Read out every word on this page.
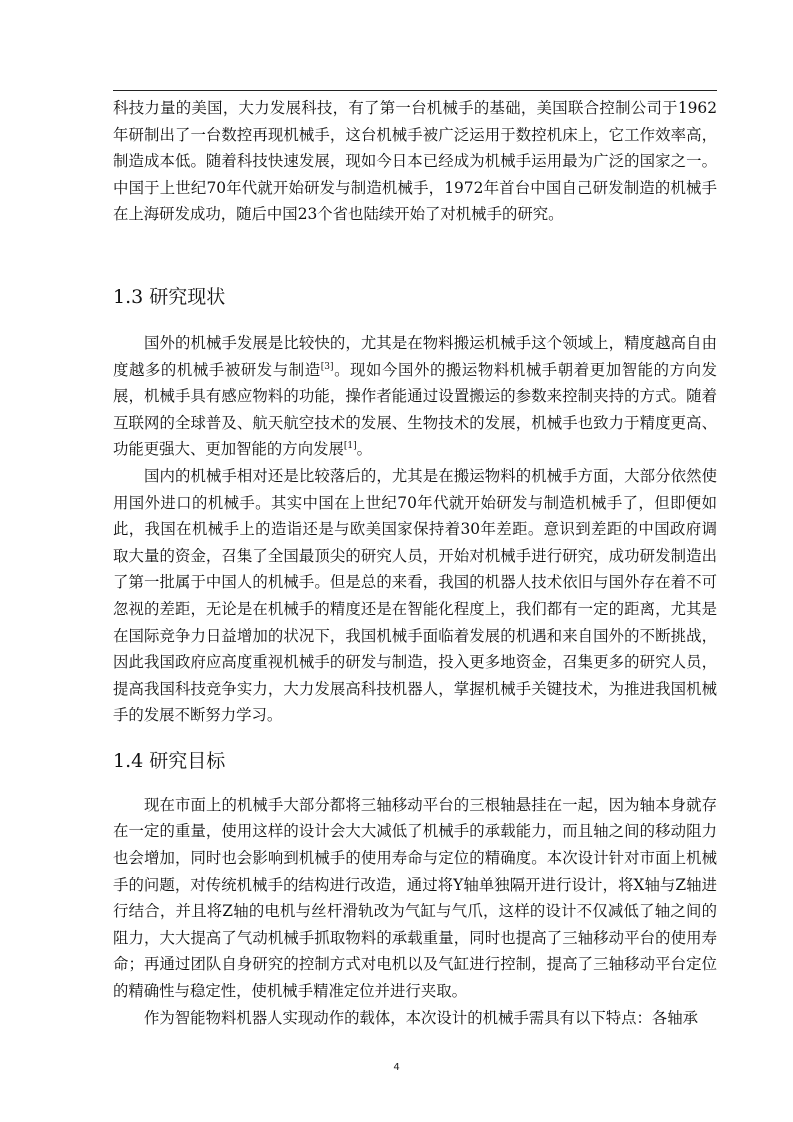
科技力量的美国，大力发展科技，有了第一台机械手的基础，美国联合控制公司于1962年研制出了一台数控再现机械手，这台机械手被广泛运用于数控机床上，它工作效率高，制造成本低。随着科技快速发展，现如今日本已经成为机械手运用最为广泛的国家之一。中国于上世纪70年代就开始研发与制造机械手，1972年首台中国自己研发制造的机械手在上海研发成功，随后中国23个省也陆续开始了对机械手的研究。

1.3 研究现状

国外的机械手发展是比较快的，尤其是在物料搬运机械手这个领域上，精度越高自由度越多的机械手被研发与制造[3]。现如今国外的搬运物料机械手朝着更加智能的方向发展，机械手具有感应物料的功能，操作者能通过设置搬运的参数来控制夹持的方式。随着互联网的全球普及、航天航空技术的发展、生物技术的发展，机械手也致力于精度更高、功能更强大、更加智能的方向发展[1]。

国内的机械手相对还是比较落后的，尤其是在搬运物料的机械手方面，大部分依然使用国外进口的机械手。其实中国在上世纪70年代就开始研发与制造机械手了，但即便如此，我国在机械手上的造诣还是与欧美国家保持着30年差距。意识到差距的中国政府调取大量的资金，召集了全国最顶尖的研究人员，开始对机械手进行研究，成功研发制造出了第一批属于中国人的机械手。但是总的来看，我国的机器人技术依旧与国外存在着不可忽视的差距，无论是在机械手的精度还是在智能化程度上，我们都有一定的距离，尤其是在国际竞争力日益增加的状况下，我国机械手面临着发展的机遇和来自国外的不断挑战，因此我国政府应高度重视机械手的研发与制造，投入更多地资金，召集更多的研究人员，提高我国科技竞争实力，大力发展高科技机器人，掌握机械手关键技术，为推进我国机械手的发展不断努力学习。

1.4 研究目标

现在市面上的机械手大部分都将三轴移动平台的三根轴悬挂在一起，因为轴本身就存在一定的重量，使用这样的设计会大大减低了机械手的承载能力，而且轴之间的移动阻力也会增加，同时也会影响到机械手的使用寿命与定位的精确度。本次设计针对市面上机械手的问题，对传统机械手的结构进行改造，通过将Y轴单独隔开进行设计，将X轴与Z轴进行结合，并且将Z轴的电机与丝杆滑轨改为气缸与气爪，这样的设计不仅减低了轴之间的阻力，大大提高了气动机械手抓取物料的承载重量，同时也提高了三轴移动平台的使用寿命；再通过团队自身研究的控制方式对电机以及气缸进行控制，提高了三轴移动平台定位的精确性与稳定性，使机械手精准定位并进行夹取。

作为智能物料机器人实现动作的载体，本次设计的机械手需具有以下特点：各轴承

4
